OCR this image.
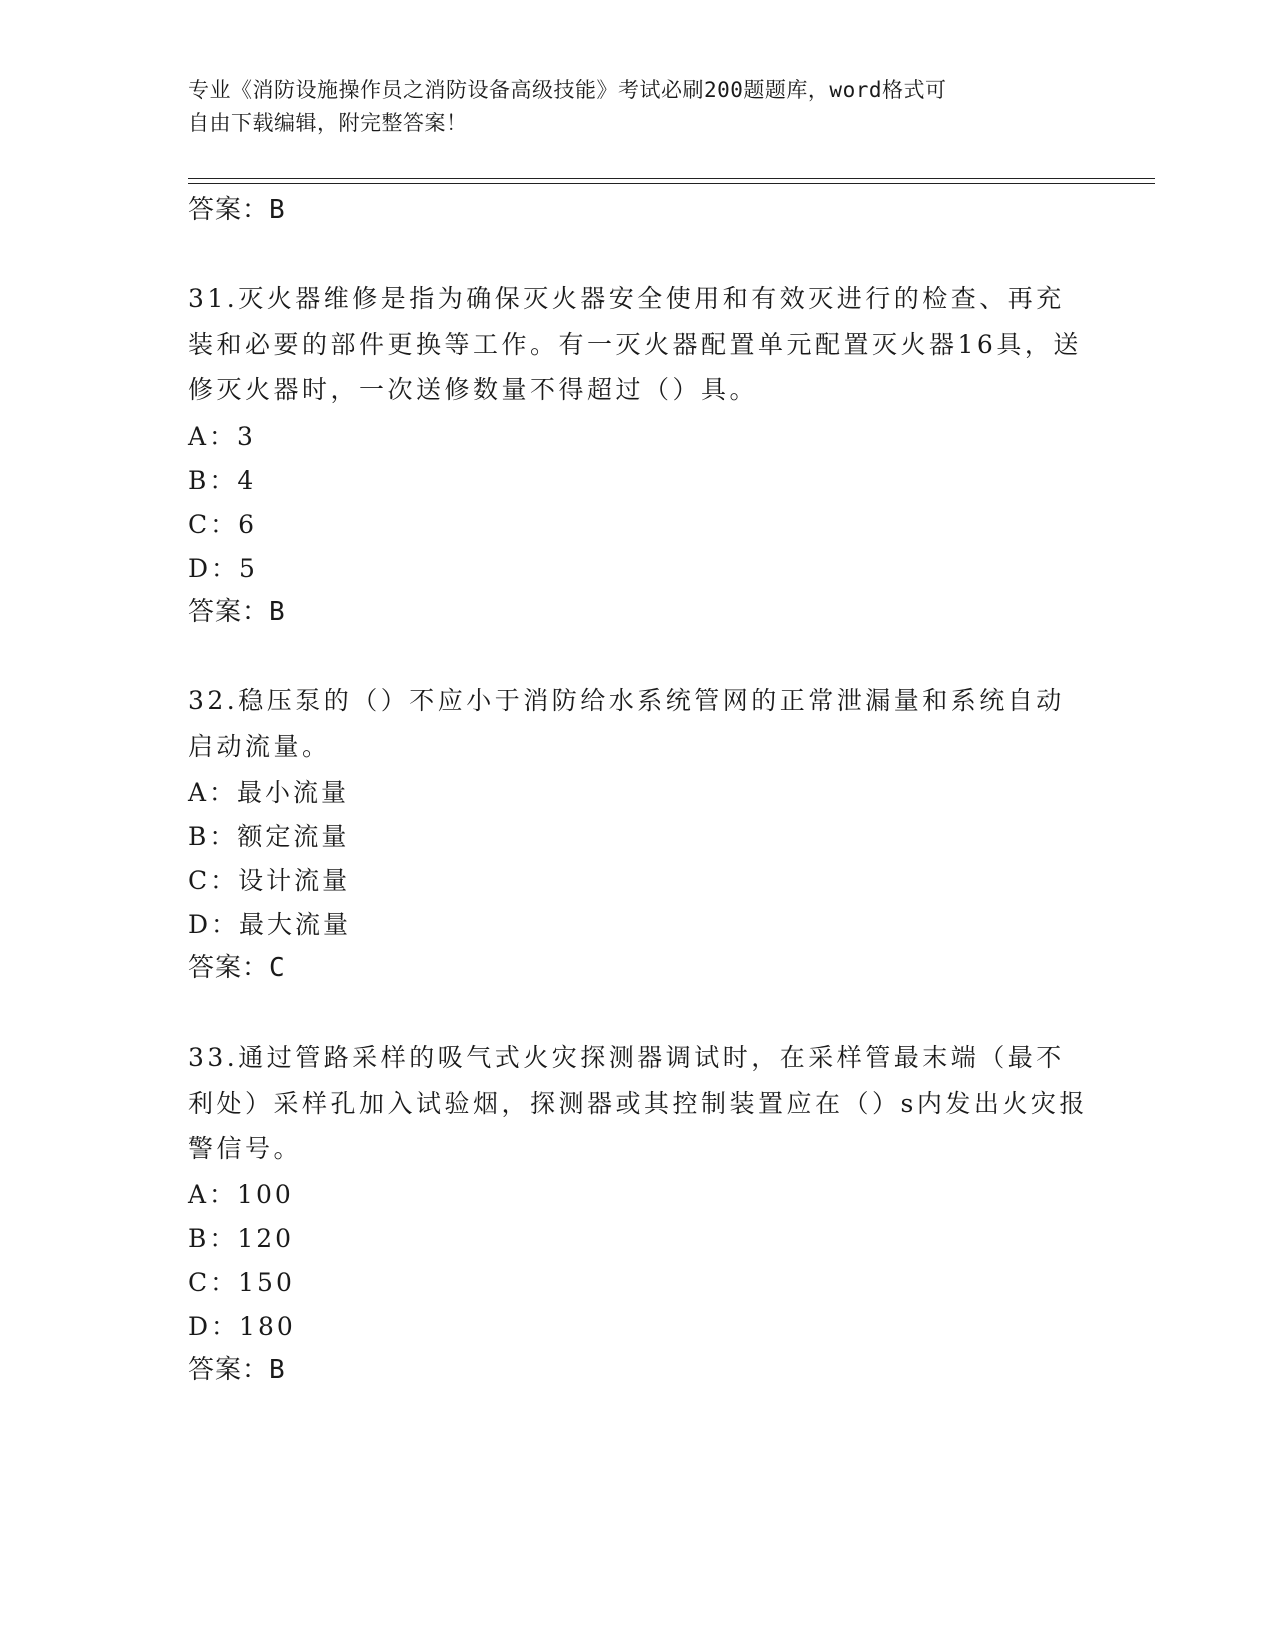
专业《消防设施操作员之消防设备高级技能》考试必刷200题题库，word格式可
自由下载编辑，附完整答案！
答案：B
31.灭火器维修是指为确保灭火器安全使用和有效灭进行的检查、再充装和必要的部件更换等工作。有一灭火器配置单元配置灭火器16具，送修灭火器时，一次送修数量不得超过（）具。
A：3
B：4
C：6
D：5
答案：B
32.稳压泵的（）不应小于消防给水系统管网的正常泄漏量和系统自动启动流量。
A：最小流量
B：额定流量
C：设计流量
D：最大流量
答案：C
33.通过管路采样的吸气式火灾探测器调试时，在采样管最末端（最不利处）采样孔加入试验烟，探测器或其控制装置应在（）s内发出火灾报警信号。
A：100
B：120
C：150
D：180
答案：B
